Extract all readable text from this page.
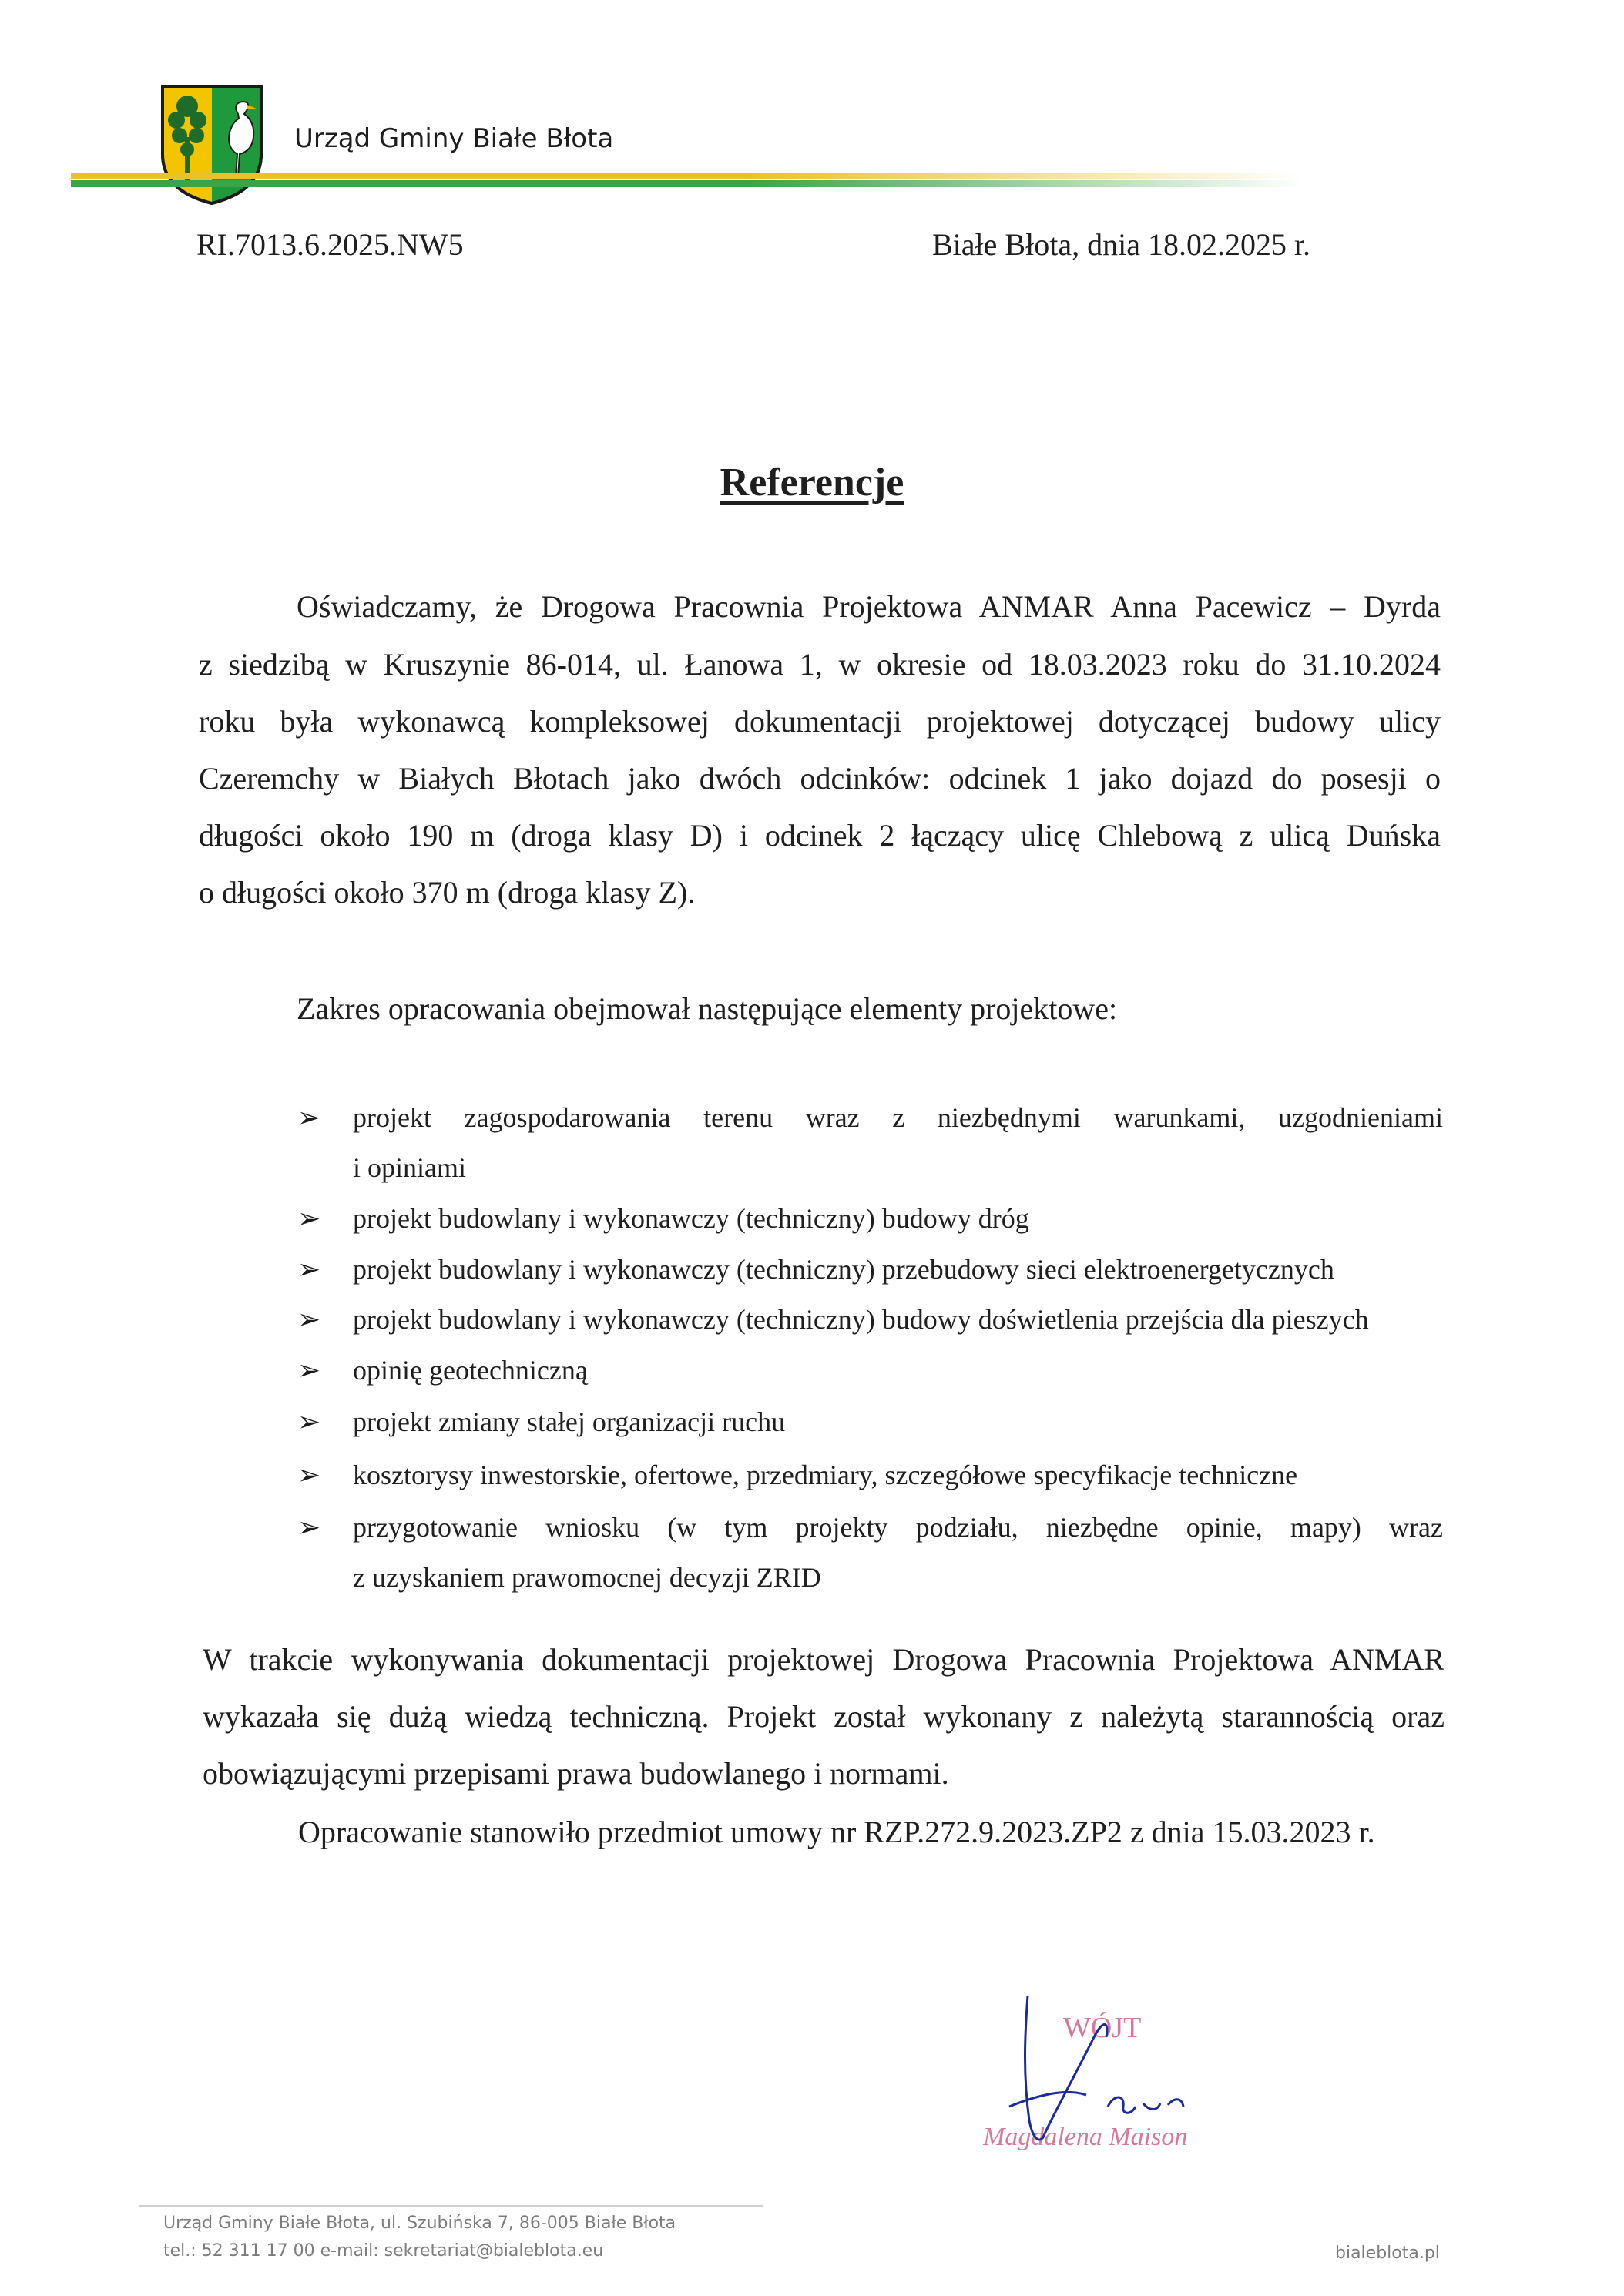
Urząd Gminy Białe Błota
RI.7013.6.2025.NW5	Białe Błota, dnia 18.02.2025 r.
Referencje
Oświadczamy, że Drogowa Pracownia Projektowa ANMAR Anna Pacewicz – Dyrda
z siedzibą w Kruszynie 86-014, ul. Łanowa 1, w okresie od 18.03.2023 roku do 31.10.2024
roku była wykonawcą kompleksowej dokumentacji projektowej dotyczącej budowy ulicy
Czeremchy w Białych Błotach jako dwóch odcinków: odcinek 1 jako dojazd do posesji o
długości około 190 m (droga klasy D) i odcinek 2 łączący ulicę Chlebową z ulicą Duńska
o długości około 370 m (droga klasy Z).
Zakres opracowania obejmował następujące elementy projektowe:
➢ projekt zagospodarowania terenu wraz z niezbędnymi warunkami, uzgodnieniami
i opiniami
➢ projekt budowlany i wykonawczy (techniczny) budowy dróg
➢ projekt budowlany i wykonawczy (techniczny) przebudowy sieci elektroenergetycznych
➢ projekt budowlany i wykonawczy (techniczny) budowy doświetlenia przejścia dla pieszych
➢ opinię geotechniczną
➢ projekt zmiany stałej organizacji ruchu
➢ kosztorysy inwestorskie, ofertowe, przedmiary, szczegółowe specyfikacje techniczne
➢ przygotowanie wniosku (w tym projekty podziału, niezbędne opinie, mapy) wraz
z uzyskaniem prawomocnej decyzji ZRID
W trakcie wykonywania dokumentacji projektowej Drogowa Pracownia Projektowa ANMAR
wykazała się dużą wiedzą techniczną. Projekt został wykonany z należytą starannością oraz
obowiązującymi przepisami prawa budowlanego i normami.
Opracowanie stanowiło przedmiot umowy nr RZP.272.9.2023.ZP2 z dnia 15.03.2023 r.
WÓJT
Magdalena Maison
Urząd Gminy Białe Błota, ul. Szubińska 7, 86-005 Białe Błota
tel.: 52 311 17 00 e-mail: sekretariat@bialeblota.eu	bialeblota.pl
